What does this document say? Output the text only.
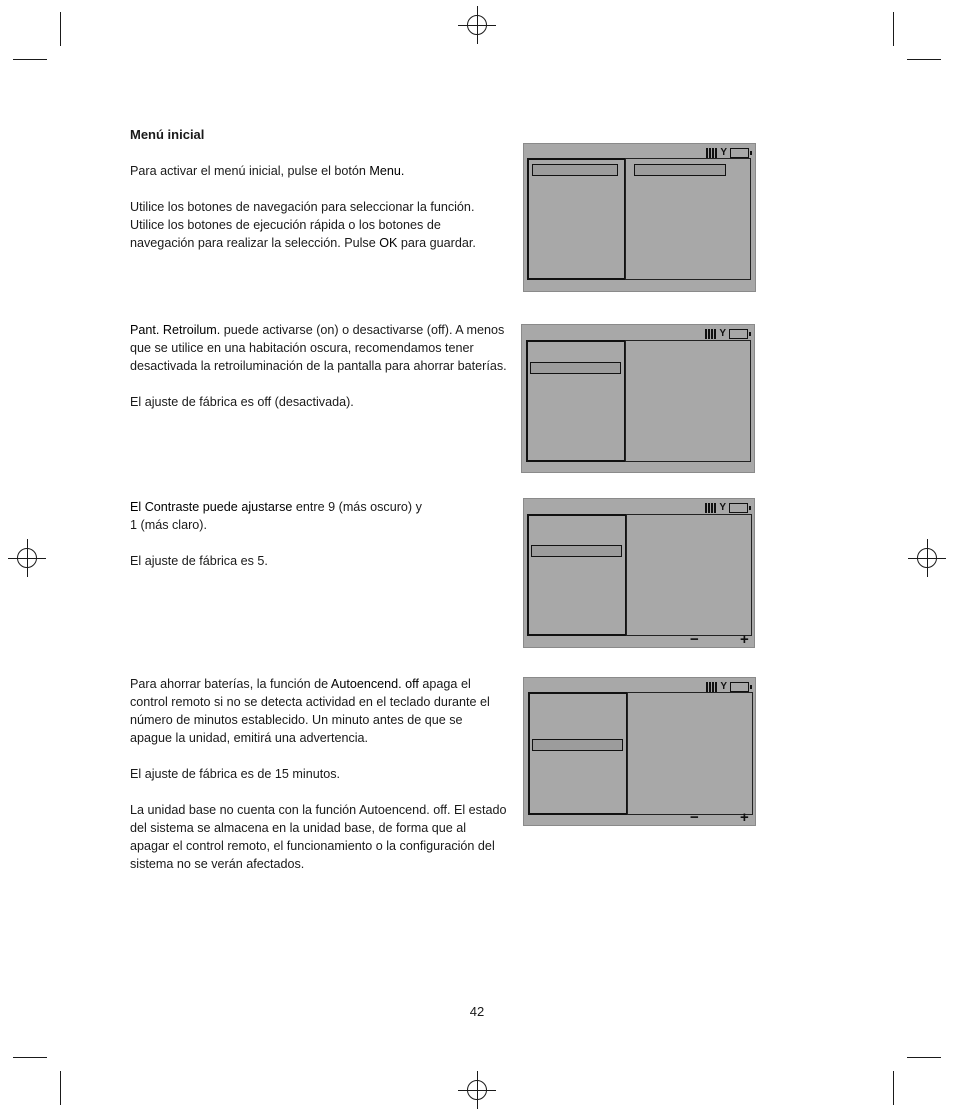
Menú inicial

Para activar el menú inicial, pulse el botón Menu.

Utilice los botones de navegación para seleccionar la función. Utilice los botones de ejecución rápida o los botones de navegación para realizar la selección. Pulse OK para guardar.

Pant. Retroilum. puede activarse (on) o desactivarse (off). A menos que se utilice en una habitación oscura, recomendamos tener desactivada la retroiluminación de la pantalla para ahorrar baterías.

El ajuste de fábrica es off (desactivada).

El Contraste puede ajustarse entre 9 (más oscuro) y 1 (más claro).

El ajuste de fábrica es 5.

Para ahorrar baterías, la función de Autoencend. off apaga el control remoto si no se detecta actividad en el teclado durante el número de minutos establecido. Un minuto antes de que se apague la unidad, emitirá una advertencia.

El ajuste de fábrica es de 15 minutos.

La unidad base no cuenta con la función Autoencend. off. El estado del sistema se almacena en la unidad base, de forma que al apagar el control remoto, el funcionamiento o la configuración del sistema no se verán afectados.

Y
Y
Y
−	+
Y
−	+
42
